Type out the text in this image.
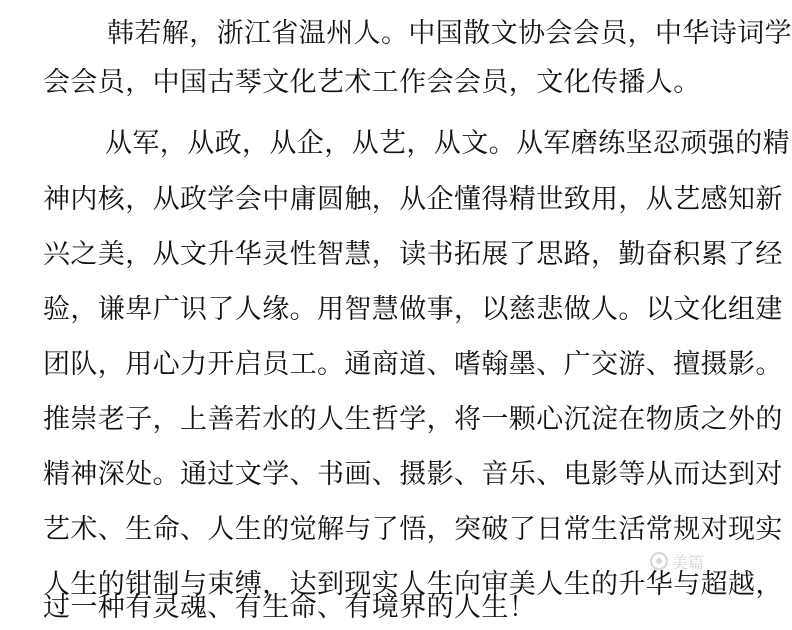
韩若解，浙江省温州人。中国散文协会会员，中华诗词学
会会员，中国古琴文化艺术工作会会员，文化传播人。
从军，从政，从企，从艺，从文。从军磨练坚忍顽强的精
神内核，从政学会中庸圆触，从企懂得精世致用，从艺感知新
兴之美，从文升华灵性智慧，读书拓展了思路，勤奋积累了经
验，谦卑广识了人缘。用智慧做事，以慈悲做人。以文化组建
团队，用心力开启员工。通商道、嗜翰墨、广交游、擅摄影。
推崇老子，上善若水的人生哲学，将一颗心沉淀在物质之外的
精神深处。通过文学、书画、摄影、音乐、电影等从而达到对
艺术、生命、人生的觉解与了悟，突破了日常生活常规对现实
人生的钳制与束缚，达到现实人生向审美人生的升华与超越，
过一种有灵魂、有生命、有境界的人生！
美篇
